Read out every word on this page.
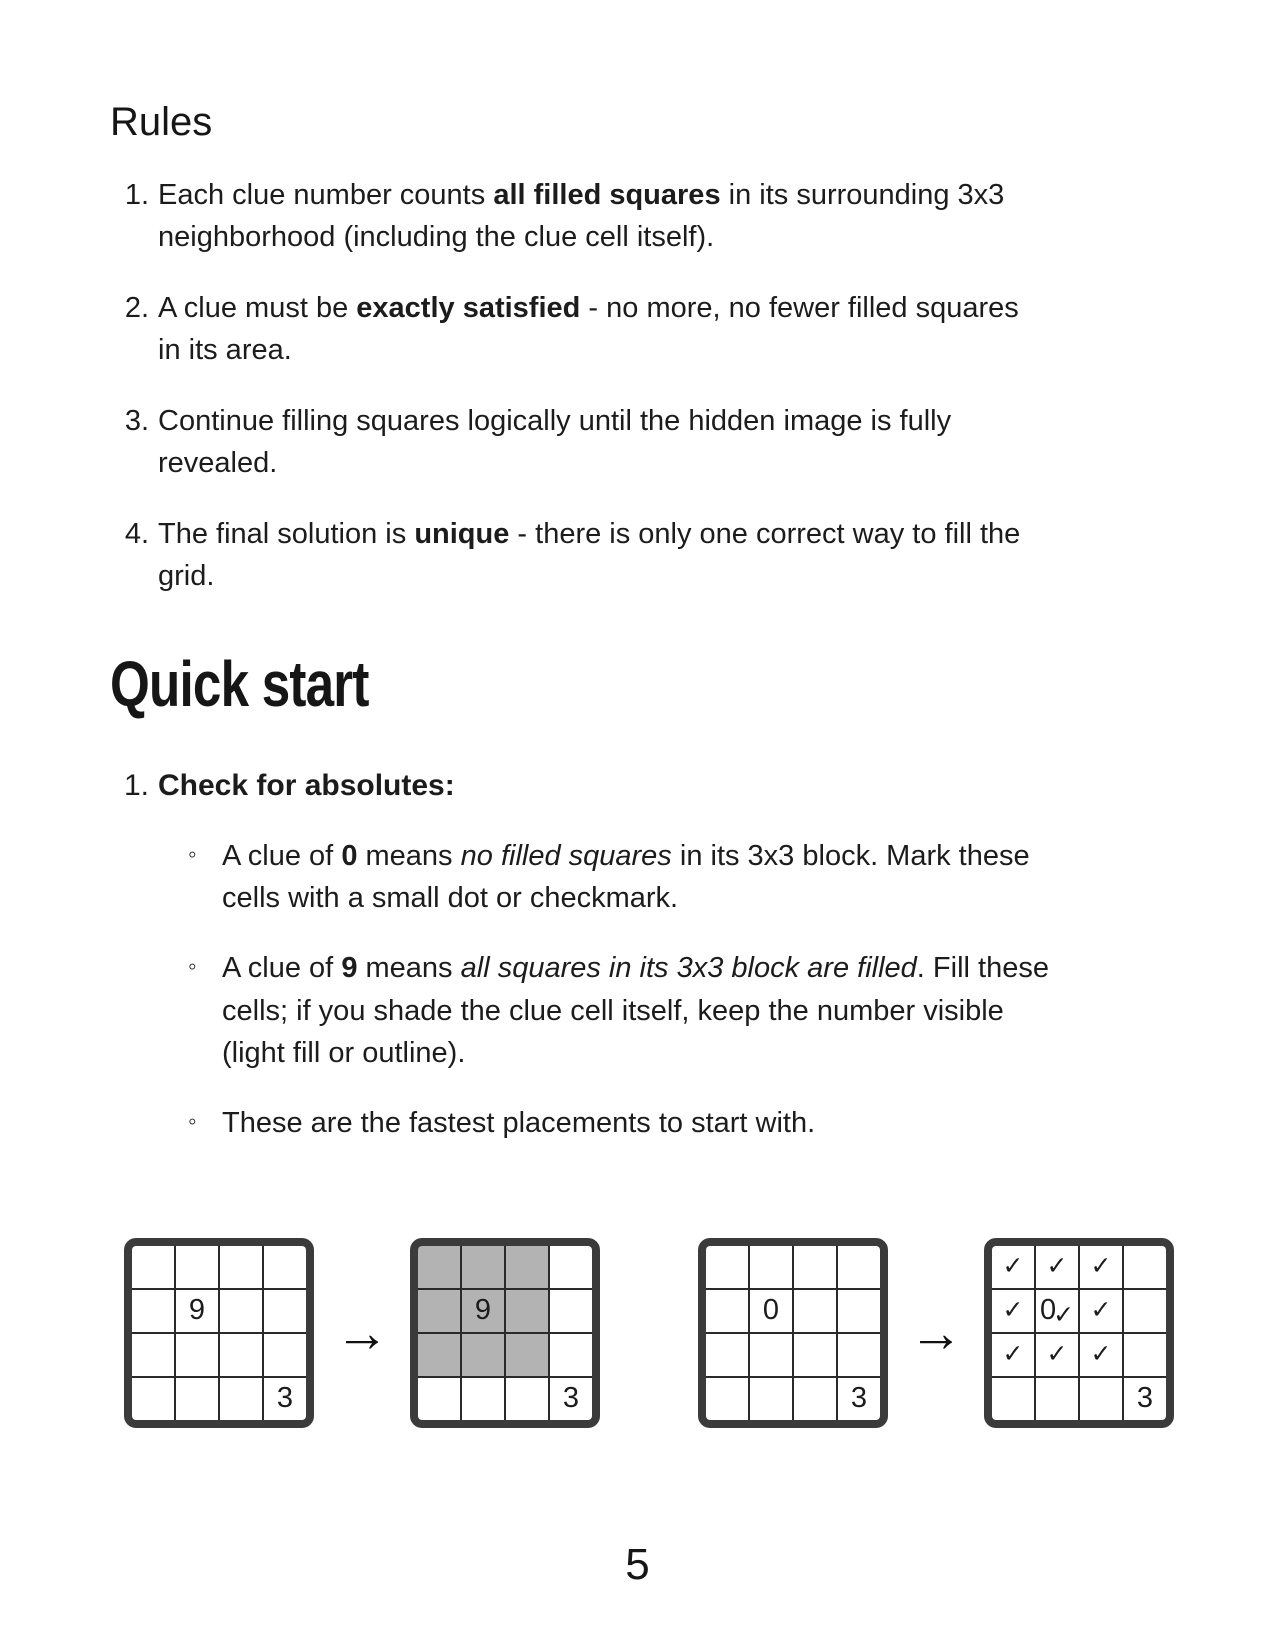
Rules
1. Each clue number counts all filled squares in its surrounding 3x3 neighborhood (including the clue cell itself).
2. A clue must be exactly satisfied - no more, no fewer filled squares in its area.
3. Continue filling squares logically until the hidden image is fully revealed.
4. The final solution is unique - there is only one correct way to fill the grid.
Quick start
1. Check for absolutes:
◦ A clue of 0 means no filled squares in its 3x3 block. Mark these cells with a small dot or checkmark.
◦ A clue of 9 means all squares in its 3x3 block are filled. Fill these cells; if you shade the clue cell itself, keep the number visible (light fill or outline).
◦ These are the fastest placements to start with.
9
3
→	9
3
0
3
→
✓ ✓ ✓
✓ 0
✓ ✓
✓ ✓ ✓
3
5
